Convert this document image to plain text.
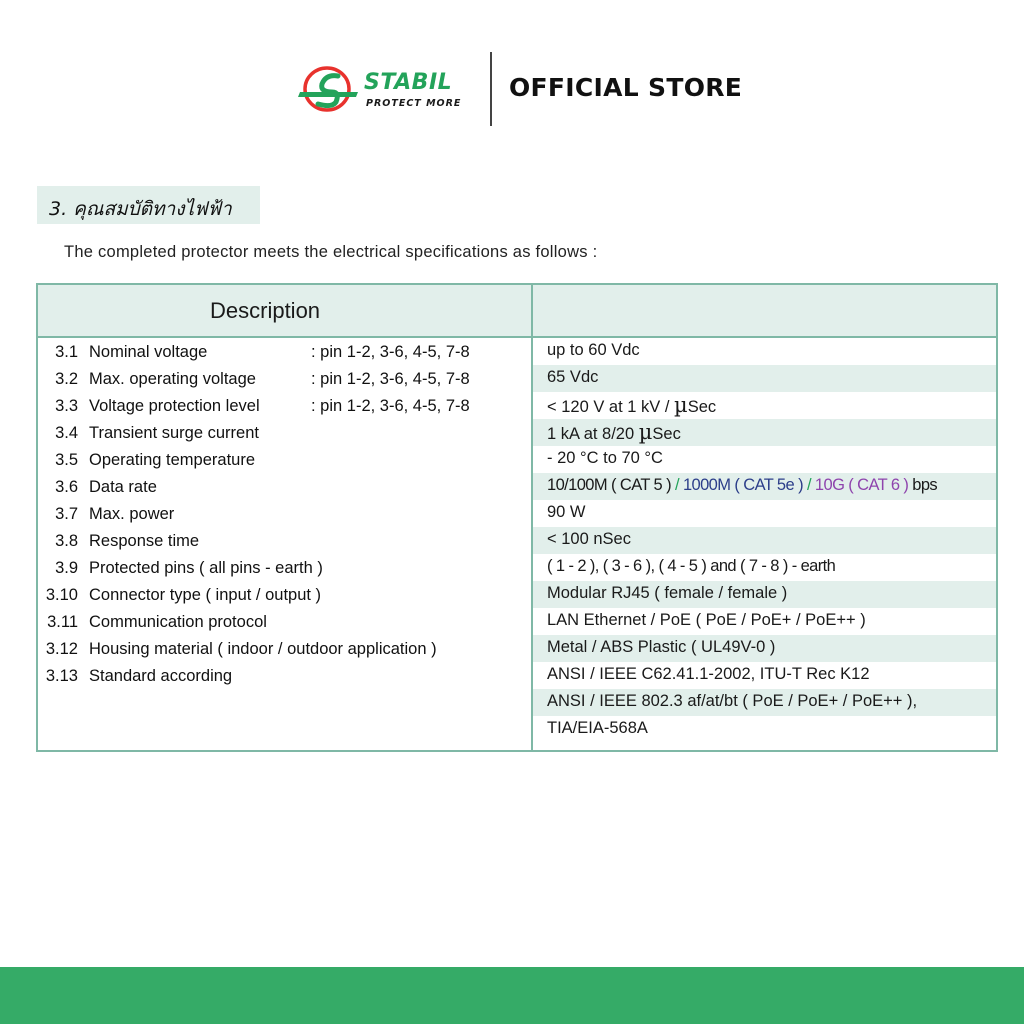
STABIL
PROTECT MORE
OFFICIAL STORE
3. คุณสมบัติทางไฟฟ้า
The completed protector meets the electrical specifications as follows :
Description
3.1 Nominal voltage	: pin 1-2, 3-6, 4-5, 7-8	up to 60 Vdc
3.2 Max. operating voltage	: pin 1-2, 3-6, 4-5, 7-8	65 Vdc
3.3 Voltage protection level	: pin 1-2, 3-6, 4-5, 7-8	< 120 V at 1 kV / µSec
3.4 Transient surge current	1 kA at 8/20 µSec
3.5 Operating temperature	- 20 °C to 70 °C
3.6 Data rate	10/100M ( CAT 5 ) / 1000M ( CAT 5e ) / 10G ( CAT 6 ) bps
3.7 Max. power	90 W
3.8 Response time	< 100 nSec
3.9 Protected pins ( all pins - earth )	( 1 - 2 ), ( 3 - 6 ), ( 4 - 5 ) and ( 7 - 8 ) - earth
3.10 Connector type ( input / output )	Modular RJ45 ( female / female )
3.11 Communication protocol	LAN Ethernet / PoE ( PoE / PoE+ / PoE++ )
3.12 Housing material ( indoor / outdoor application )	Metal / ABS Plastic ( UL49V-0 )
3.13 Standard according	ANSI / IEEE C62.41.1-2002, ITU-T Rec K12
ANSI / IEEE 802.3 af/at/bt ( PoE / PoE+ / PoE++ ),
TIA/EIA-568A
